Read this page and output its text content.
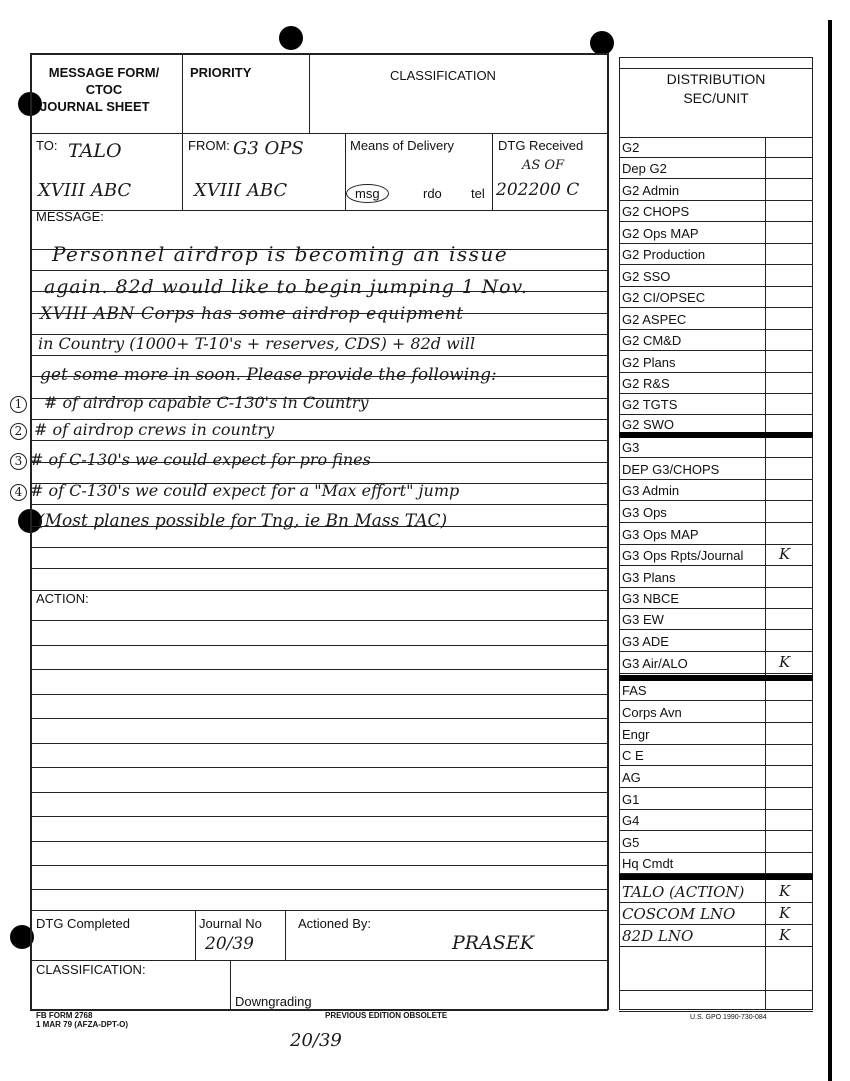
MESSAGE FORM/
CTOC
JOURNAL SHEET
PRIORITY	CLASSIFICATION
TO: TALO
XVIII ABC
FROM: G3 OPS
XVIII ABC
Means of Delivery
msg	rdo tel
DTG Received
AS OF
202200 C
MESSAGE:
Personnel airdrop is becoming an issue
again. 82d would like to begin jumping 1 Nov.
XVIII ABN Corps has some airdrop equipment
in Country (1000+ T-10's + reserves, CDS) + 82d will
get some more in soon. Please provide the following:
1 # of airdrop capable C-130's in Country
2 # of airdrop crews in country
3 # of C-130's we could expect for pro fines
4 # of C-130's we could expect for a "Max effort" jump
(Most planes possible for Tng, ie Bn Mass TAC)
ACTION:
DTG Completed	Journal No
20/39
Actioned By:
PRASEK
CLASSIFICATION:
Downgrading
FB FORM 2768
1 MAR 79 (AFZA-DPT-O)
PREVIOUS EDITION OBSOLETE
20/39
DISTRIBUTION
SEC/UNIT
G2
Dep G2
G2 Admin
G2 CHOPS
G2 Ops MAP
G2 Production
G2 SSO
G2 CI/OPSEC
G2 ASPEC
G2 CM&D
G2 Plans
G2 R&S
G2 TGTS
G2 SWO
G3
DEP G3/CHOPS
G3 Admin
G3 Ops
G3 Ops MAP
G3 Ops Rpts/Journal K
G3 Plans
G3 NBCE
G3 EW
G3 ADE
G3 Air/ALO	K
FAS
Corps Avn
Engr
C E
AG
G1
G4
G5
Hq Cmdt
TALO (ACTION) K
COSCOM LNO	K
82D LNO	K
U.S. GPO 1990-730-084
